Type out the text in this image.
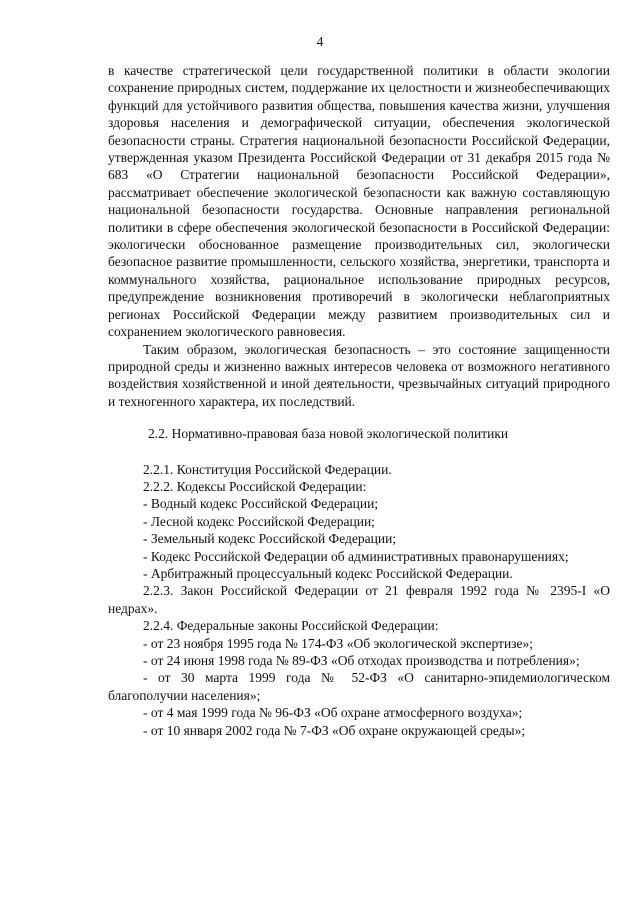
4

в качестве стратегической цели государственной политики в области экологии сохранение природных систем, поддержание их целостности и жизнеобеспечивающих функций для устойчивого развития общества, повышения качества жизни, улучшения здоровья населения и демографической ситуации, обеспечения экологической безопасности страны. Стратегия национальной безопасности Российской Федерации, утвержденная указом Президента Российской Федерации от 31 декабря 2015 года № 683 «О Стратегии национальной безопасности Российской Федерации», рассматривает обеспечение экологической безопасности как важную составляющую национальной безопасности государства. Основные направления региональной политики в сфере обеспечения экологической безопасности в Российской Федерации: экологически обоснованное размещение производительных сил, экологически безопасное развитие промышленности, сельского хозяйства, энергетики, транспорта и коммунального хозяйства, рациональное использование природных ресурсов, предупреждение возникновения противоречий в экологически неблагоприятных регионах Российской Федерации между развитием производительных сил и сохранением экологического равновесия.

Таким образом, экологическая безопасность – это состояние защищенности природной среды и жизненно важных интересов человека от возможного негативного воздействия хозяйственной и иной деятельности, чрезвычайных ситуаций природного и техногенного характера, их последствий.

2.2. Нормативно-правовая база новой экологической политики

2.2.1. Конституция Российской Федерации.

2.2.2. Кодексы Российской Федерации:

- Водный кодекс Российской Федерации;

- Лесной кодекс Российской Федерации;

- Земельный кодекс Российской Федерации;

- Кодекс Российской Федерации об административных правонарушениях;

- Арбитражный процессуальный кодекс Российской Федерации.

2.2.3. Закон Российской Федерации от 21 февраля 1992 года № 2395-I «О недрах».

2.2.4. Федеральные законы Российской Федерации:

- от 23 ноября 1995 года № 174-ФЗ «Об экологической экспертизе»;

- от 24 июня 1998 года № 89-ФЗ «Об отходах производства и потребления»;

- от 30 марта 1999 года № 52-ФЗ «О санитарно-эпидемиологическом благополучии населения»;

- от 4 мая 1999 года № 96-ФЗ «Об охране атмосферного воздуха»;

- от 10 января 2002 года № 7-ФЗ «Об охране окружающей среды»;
